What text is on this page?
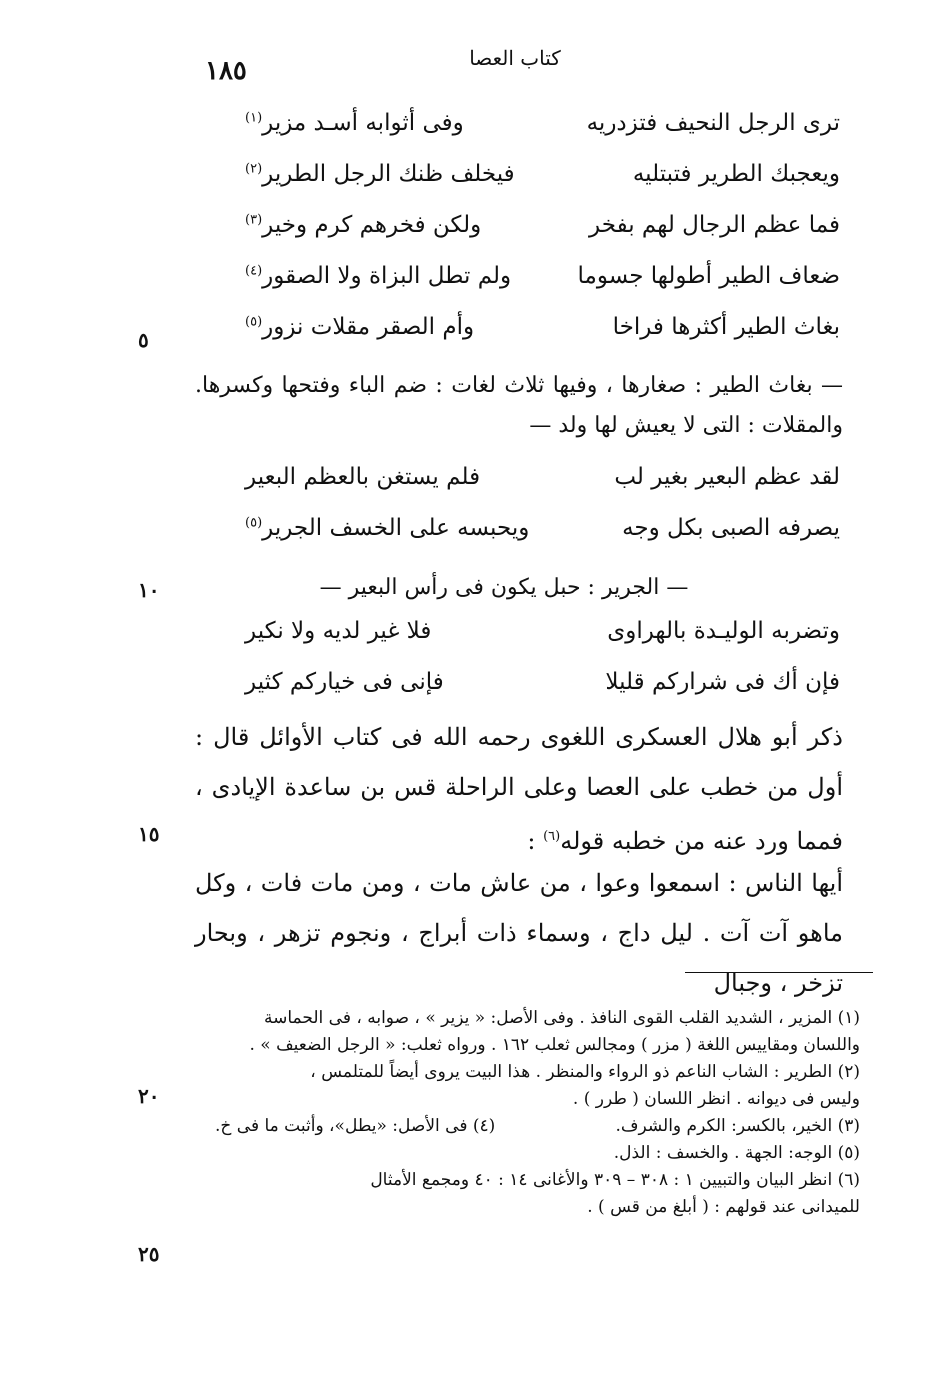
١٨٥	كتاب العصا
ترى الرجل النحيف فتزدريه
وفى أثوابه أسـد مزير$^{(١)}$
ويعجبك الطرير فتبتليه
فيخلف ظنك الرجل الطرير$^{(٢)}$
فما عظم الرجال لهم بفخر
ولكن فخرهم كرم وخير$^{(٣)}$
ضعاف الطير أطولها جسوما
ولم تطل البزاة ولا الصقور$^{(٤)}$
بغاث الطير أكثرها فراخا
وأم الصقر مقلات نزور$^{(٥)}$

— بغاث الطير : صغارها ، وفيها ثلاث لغات : ضم الباء وفتحها وكسرها. والمقلات : التى لا يعيش لها ولد —

لقد عظم البعير بغير لب
فلم يستغن بالعظم البعير
يصرفه الصبى بكل وجه
ويحبسه على الخسف الجرير$^{(٥)}$

— الجرير : حبل يكون فى رأس البعير —

وتضربه الوليـدة بالهراوى
فلا غير لديه ولا نكير
فإن أك فى شراركم قليلا
فإنى فى خياركم كثير

ذكر أبو هلال العسكرى اللغوى رحمه الله فى كتاب الأوائل قال : أول من خطب على العصا وعلى الراحلة قس بن ساعدة الإيادى ، فمما ورد عنه من خطبه قوله$^{(٦)}$ :

أيها الناس : اسمعوا وعوا ، من عاش مات ، ومن مات فات ، وكل ماهو آت آت . ليل داج ، وسماء ذات أبراج ، ونجوم تزهر ، وبحار تزخر ، وجبال

٥
١٠
١٥
٢٠
٢٥
(١) المزير ، الشديد القلب القوى النافذ . وفى الأصل: « يزير » ، صوابه ، فى الحماسة
واللسان ومقاييس اللغة ( مزر ) ومجالس ثعلب ١٦٢ . ورواه ثعلب: « الرجل الضعيف » .
(٢) الطرير : الشاب الناعم ذو الرواء والمنظر . هذا البيت يروى أيضاً للمتلمس ،
وليس فى ديوانه . انظر اللسان ( طرر ) .
(٣) الخير، بالكسر: الكرم والشرف.
(٤) فى الأصل: «يطل»، وأثبت ما فى خ.
(٥) الوجه: الجهة . والخسف : الذل.
(٦) انظر البيان والتبيين ١ : ٣٠٨ – ٣٠٩ والأغانى ١٤ : ٤٠ ومجمع الأمثال
للميدانى عند قولهم : ( أبلغ من قس ) .
